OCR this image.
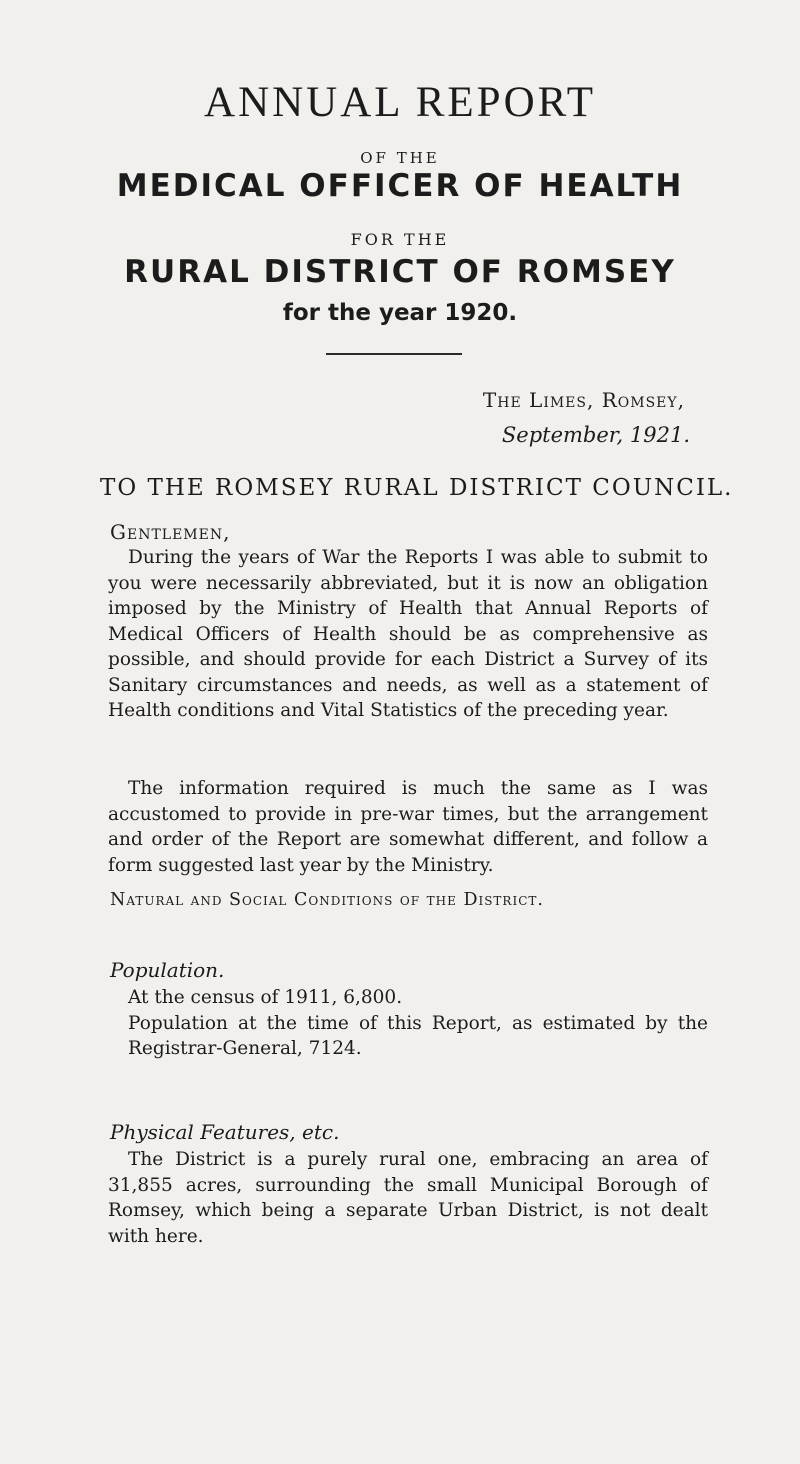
ANNUAL REPORT
OF THE
MEDICAL OFFICER OF HEALTH
FOR THE
RURAL DISTRICT OF ROMSEY
for the year 1920.
The Limes, Romsey,
September, 1921.
TO THE ROMSEY RURAL DISTRICT COUNCIL.
Gentlemen,
During the years of War the Reports I was able to submit to you were necessarily abbreviated, but it is now an obligation imposed by the Ministry of Health that Annual Reports of Medical Officers of Health should be as comprehensive as possible, and should provide for each District a Survey of its Sanitary circumstances and needs, as well as a statement of Health conditions and Vital Statistics of the preceding year.
The information required is much the same as I was accustomed to provide in pre-war times, but the arrangement and order of the Report are somewhat different, and follow a form suggested last year by the Ministry.
Natural and Social Conditions of the District.
Population.
At the census of 1911, 6,800.
Population at the time of this Report, as estimated by the Registrar-General, 7124.
Physical Features, etc.
The District is a purely rural one, embracing an area of 31,855 acres, surrounding the small Municipal Borough of Romsey, which being a separate Urban District, is not dealt with here.
